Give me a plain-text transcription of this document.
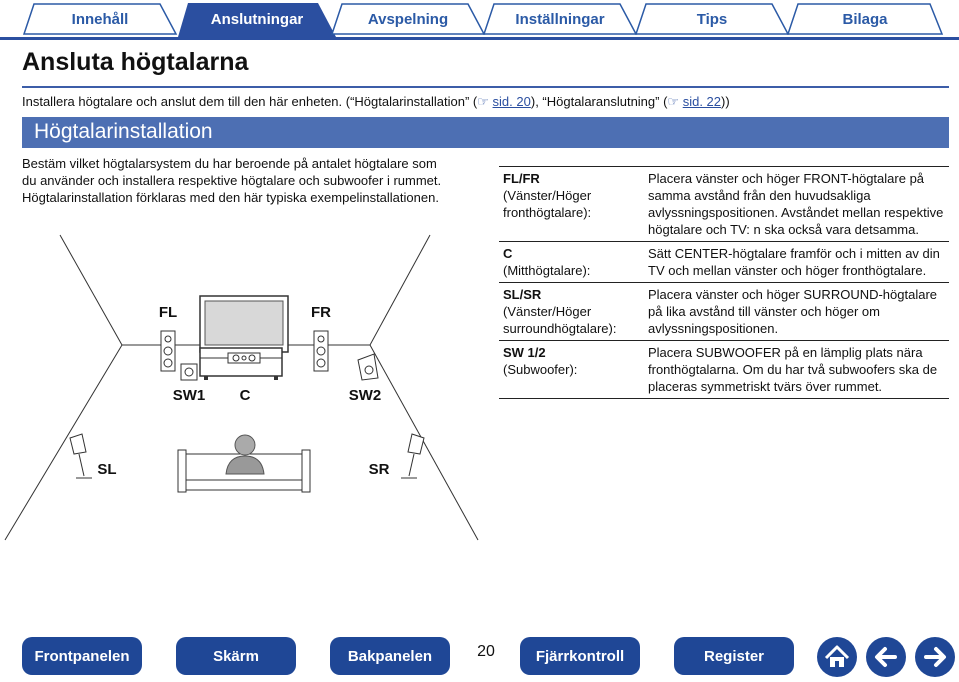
Innehåll	Anslutningar	Avspelning	Inställningar	Tips	Bilaga
Ansluta högtalarna
Installera högtalare och anslut dem till den här enheten. (“Högtalarinstallation” (☞ sid. 20), “Högtalaranslutning” (☞ sid. 22))
Högtalarinstallation

Bestäm vilket högtalarsystem du har beroende på antalet högtalare som

du använder och installera respektive högtalare och subwoofer i rummet.

Högtalarinstallation förklaras med den här typiska exempelinstallationen.

FL	FR
SW1 C	SW2
SL	SR
FL/FR
(Vänster/Höger fronthögtalare):	Placera vänster och höger FRONT-högtalare på samma avstånd från den huvudsakliga avlyssningspositionen. Avståndet mellan respektive högtalare och TV: n ska också vara detsamma.

C
(Mitthögtalare):	Sätt CENTER-högtalare framför och i mitten av din TV och mellan vänster och höger fronthögtalare.

SL/SR
(Vänster/Höger surroundhögtalare):	Placera vänster och höger SURROUND-högtalare på lika avstånd till vänster och höger om avlyssningspositionen.

SW 1/2
(Subwoofer):	Placera SUBWOOFER på en lämplig plats nära fronthögtalarna. Om du har två subwoofers ska de placeras symmetriskt tvärs över rummet.
Frontpanelen	Skärm	Bakpanelen	20	Fjärrkontroll	Register
